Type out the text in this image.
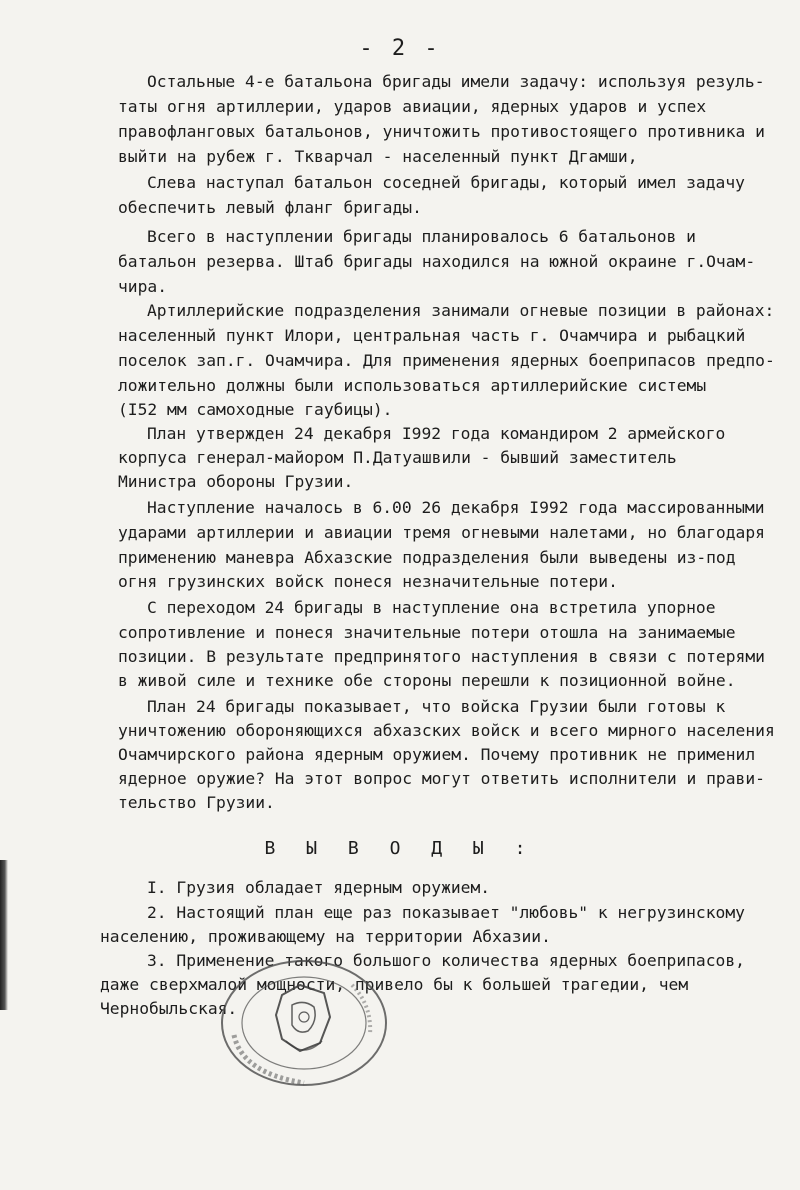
- 2 -
Остальные 4-е батальона бригады имели задачу: используя резуль-
таты огня артиллерии, ударов авиации, ядерных ударов и успех
правофланговых батальонов, уничтожить противостоящего противника и
выйти на рубеж г. Ткварчал - населенный пункт Дгамши,
Слева наступал батальон соседней бригады, который имел задачу
обеспечить левый фланг бригады.
Всего в наступлении бригады планировалось 6 батальонов и
батальон резерва. Штаб бригады находился на южной окраине г.Очам-
чира.
Артиллерийские подразделения занимали огневые позиции в районах:
населенный пункт Илори, центральная часть г. Очамчира и рыбацкий
поселок зап.г. Очамчира. Для применения ядерных боеприпасов предпо-
ложительно должны были использоваться артиллерийские системы
(I52 мм самоходные гаубицы).
План утвержден 24 декабря I992 года командиром 2 армейского
корпуса генерал-майором П.Датуашвили - бывший заместитель
Министра обороны Грузии.
Наступление началось в 6.00 26 декабря I992 года массированными
ударами артиллерии и авиации тремя огневыми налетами, но благодаря
применению маневра Абхазские подразделения были выведены из-под
огня грузинских войск понеся незначительные потери.
С переходом 24 бригады в наступление она встретила упорное
сопротивление и понеся значительные потери отошла на занимаемые
позиции. В результате предпринятого наступления в связи с потерями
в живой силе и технике обе стороны перешли к позиционной войне.
План 24 бригады показывает, что войска Грузии были готовы к
уничтожению обороняющихся абхазских войск и всего мирного населения
Очамчирского района ядерным оружием. Почему противник не применил
ядерное оружие? На этот вопрос могут ответить исполнители и прави-
тельство Грузии.
В Ы В О Д Ы :
I. Грузия обладает ядерным оружием.
2. Настоящий план еще раз показывает "любовь" к негрузинскому
населению, проживающему на территории Абхазии.
3. Применение такого большого количества ядерных боеприпасов,
даже сверхмалой мощности, привело бы к большей трагедии, чем
Чернобыльская.
